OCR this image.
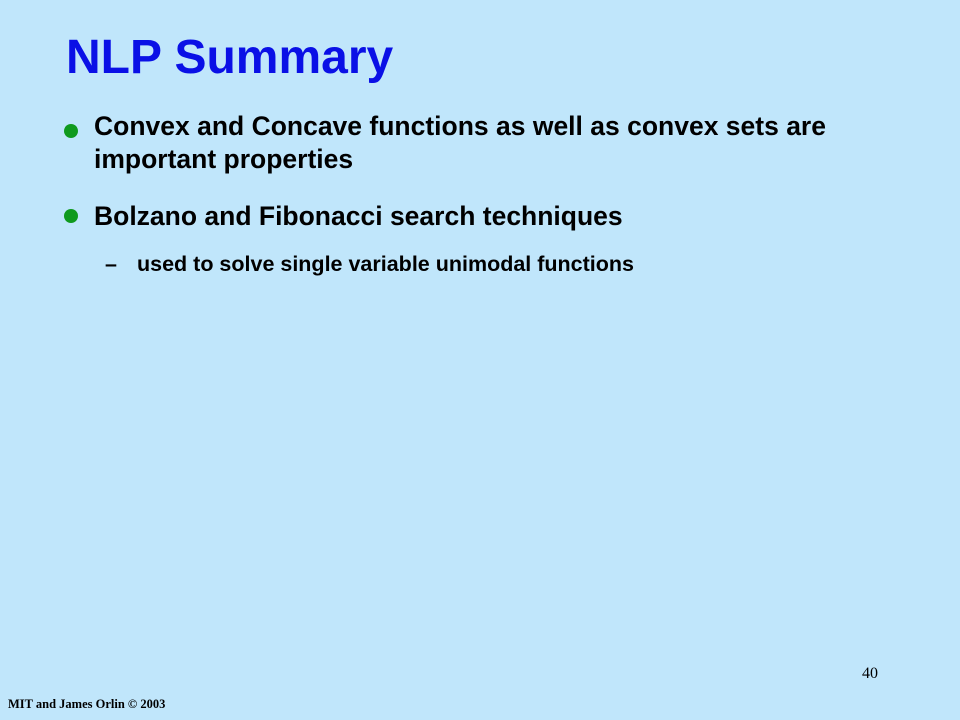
NLP Summary

Convex and Concave functions as well as convex sets are important properties

Bolzano and Fibonacci search techniques

– used to solve single variable unimodal functions
40
MIT and James Orlin © 2003
